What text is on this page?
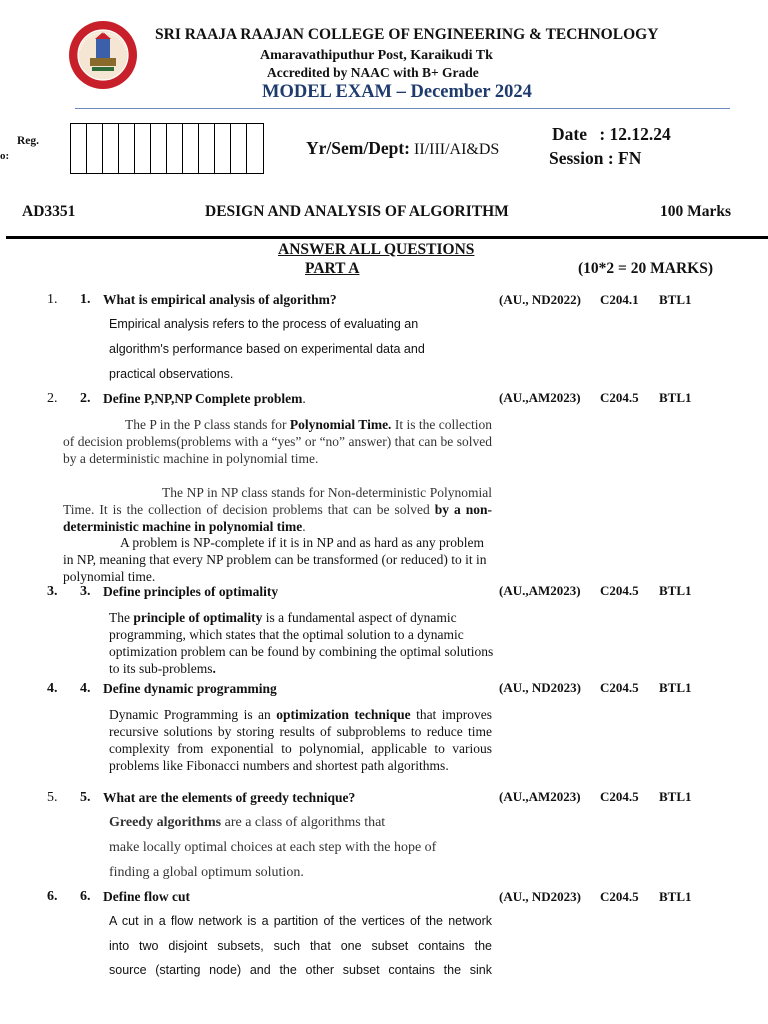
SRI RAAJA RAAJAN COLLEGE OF ENGINEERING & TECHNOLOGY
Amaravathiputhur Post, Karaikudi Tk
Accredited by NAAC with B+ Grade
MODEL EXAM – December 2024
o:
Reg.	Yr/Sem/Dept: II/III/AI&DS
Date : 12.12.24
Session : FN
AD3351	DESIGN AND ANALYSIS OF ALGORITHM	100 Marks
ANSWER ALL QUESTIONS
PART A	(10*2 = 20 MARKS)
1. 1. What is empirical analysis of algorithm?	(AU., ND2022) C204.1 BTL1
Empirical analysis refers to the process of evaluating an
algorithm's performance based on experimental data and
practical observations.
2. 2. Define P,NP,NP Complete problem.	(AU.,AM2023) C204.5 BTL1
The P in the P class stands for Polynomial Time. It is the collection of decision problems(problems with a “yes” or “no” answer) that can be solved by a deterministic machine in polynomial time.
The NP in NP class stands for Non-deterministic Polynomial Time. It is the collection of decision problems that can be solved by a non-deterministic machine in polynomial time.
A problem is NP-complete if it is in NP and as hard as any problem in NP, meaning that every NP problem can be transformed (or reduced) to it in polynomial time.
3. 3. Define principles of optimality	(AU.,AM2023) C204.5 BTL1
The principle of optimality is a fundamental aspect of dynamic programming, which states that the optimal solution to a dynamic optimization problem can be found by combining the optimal solutions to its sub-problems.
4. 4. Define dynamic programming	(AU., ND2023) C204.5 BTL1
Dynamic Programming is an optimization technique that improves recursive solutions by storing results of subproblems to reduce time complexity from exponential to polynomial, applicable to various problems like Fibonacci numbers and shortest path algorithms.
5. 5. What are the elements of greedy technique?	(AU.,AM2023) C204.5 BTL1
Greedy algorithms are a class of algorithms that
make locally optimal choices at each step with the hope of
finding a global optimum solution.
6. 6. Define flow cut	(AU., ND2023) C204.5 BTL1
A cut in a flow network is a partition of the vertices of the network
into two disjoint subsets, such that one subset contains the
source (starting node) and the other subset contains the sink
